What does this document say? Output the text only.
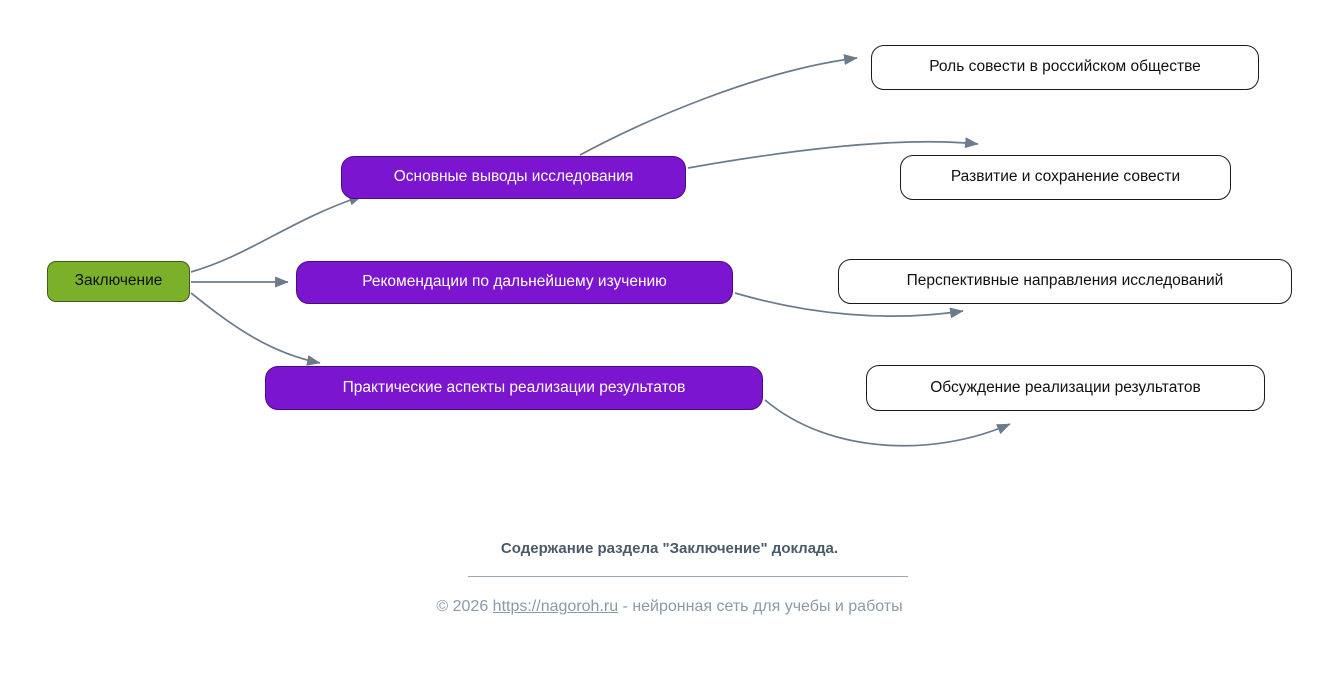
Заключение
Основные выводы исследования
Рекомендации по дальнейшему изучению
Практические аспекты реализации результатов
Роль совести в российском обществе
Развитие и сохранение совести
Перспективные направления исследований
Обсуждение реализации результатов
Содержание раздела "Заключение" доклада.
© 2026 https://nagoroh.ru - нейронная сеть для учебы и работы
